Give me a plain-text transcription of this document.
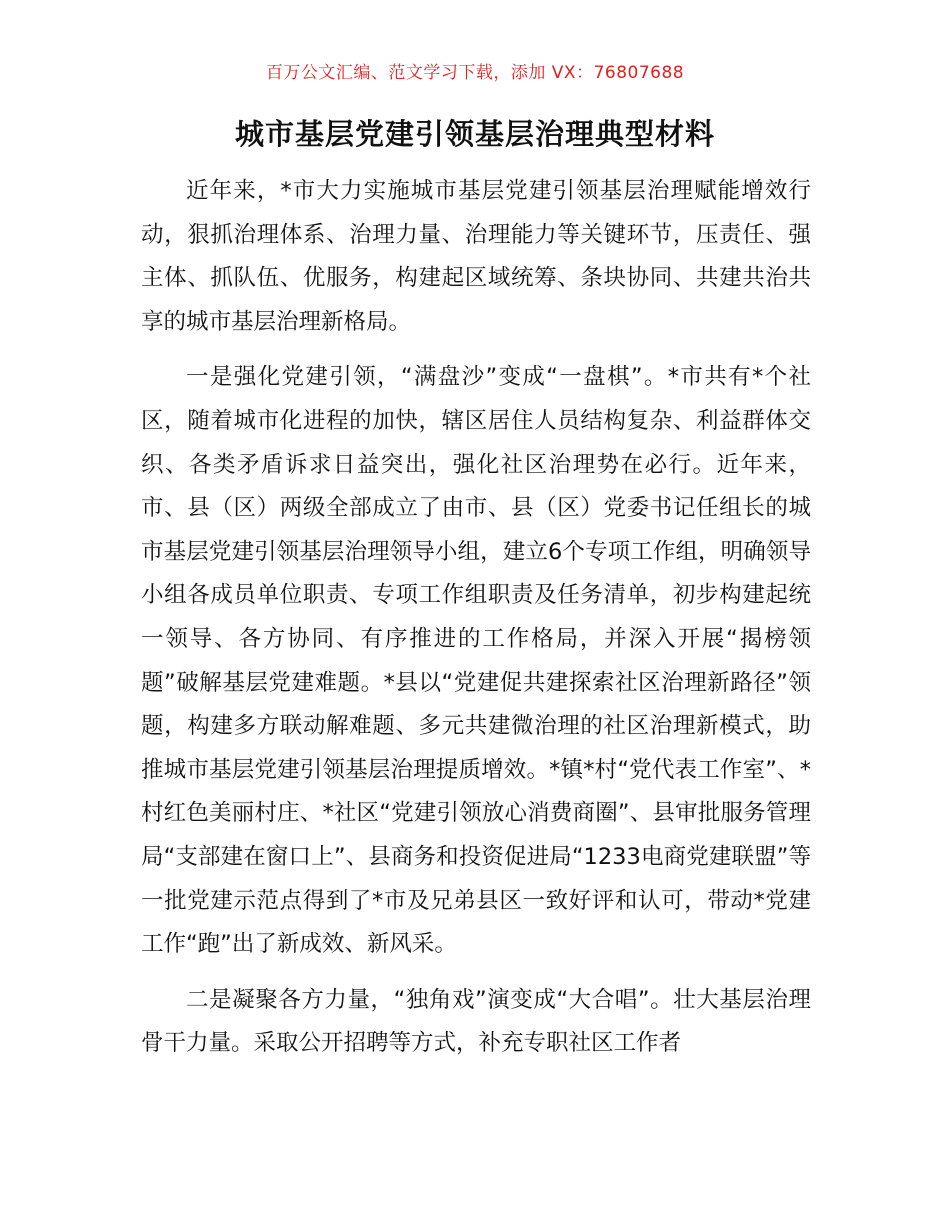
百万公文汇编、范文学习下载，添加 VX：76807688
城市基层党建引领基层治理典型材料

近年来，*市大力实施城市基层党建引领基层治理赋能增效行动，狠抓治理体系、治理力量、治理能力等关键环节，压责任、强主体、抓队伍、优服务，构建起区域统筹、条块协同、共建共治共享的城市基层治理新格局。

一是强化党建引领，“满盘沙”变成“一盘棋”。*市共有*个社区，随着城市化进程的加快，辖区居住人员结构复杂、利益群体交织、各类矛盾诉求日益突出，强化社区治理势在必行。近年来，市、县（区）两级全部成立了由市、县（区）党委书记任组长的城市基层党建引领基层治理领导小组，建立6个专项工作组，明确领导小组各成员单位职责、专项工作组职责及任务清单，初步构建起统一领导、各方协同、有序推进的工作格局，并深入开展“揭榜领题”破解基层党建难题。*县以“党建促共建探索社区治理新路径”领题，构建多方联动解难题、多元共建微治理的社区治理新模式，助推城市基层党建引领基层治理提质增效。*镇*村“党代表工作室”、*村红色美丽村庄、*社区“党建引领放心消费商圈”、县审批服务管理局“支部建在窗口上”、县商务和投资促进局“1233电商党建联盟”等一批党建示范点得到了*市及兄弟县区一致好评和认可，带动*党建工作“跑”出了新成效、新风采。

二是凝聚各方力量，“独角戏”演变成“大合唱”。壮大基层治理骨干力量。采取公开招聘等方式，补充专职社区工作者
